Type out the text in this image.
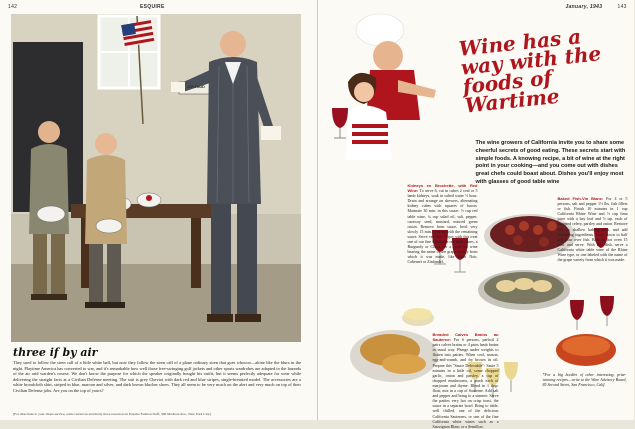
142	ESQUIRE
AIR RAID
three if by air
They used to follow the siren call of a little white ball, but now they follow the siren call of a plane ordinary siren that goes whoooo—alone like the blurs in the night. Playtime America has converted to war, and it's remarkable how well those free-swinging golf jackets and other sports wardrobes are adapted to the hazards of the air raid warden's course. We don't know the purpose for which the speaker originally bought his outfit, but it seems perfectly adequate for wear while delivering the straight facts at a Civilian Defense meeting. The suit is grey Cheviot with dark red and blue stripes, single-breasted model. The accessories are a white broadcloth shirt, striped in blue, maroon and silver, and dark brown blucher shoes. They all seem to be very much on the alert and very much on top of their Civilian Defense jobs. Are you on the top of yours?
(For directions to your shops-service, some resources and many more resources in Esquire Fashion Staff, 366 Madison Ave., New York City.)
January, 1943	143
Wine has a way with the foods of Wartime
The wine growers of California invite you to share some cheerful secrets of good eating. These secrets start with simple foods. A knowing recipe, a bit of wine at the right point in your cooking—and you come out with dishes great chefs could boast about. Dishes you'll enjoy most with glasses of good table wine
Kidneys en Brochette, with Red Wine: To serve 6, cut in cubes 2 veal or 5 lamb kidneys, soak in salted water ½ hour. Drain and arrange on skewers, alternating kidney cubes with squares of bacon. Marinate 30 min. in this sauce: ½ cup red table wine, ¼ cup salad oil, salt, pepper, caraway seed, mustard, minced green onion. Remove from sauce, broil very slowly 15 min., basting with the remaining sauce. Serve very hot. Enjoy with this treat one of our fine California red table wines, a Burgundy or Claret. Or a good red wine bearing the name of the grape variety from which it was made, like Pinot Noir, Cabernet or Zinfandel.
Baked Fish-Vin Blanc: For 4 or 5 persons, salt and pepper 1½ lbs. fish fillets or fish. Finish 10 minutes in 1 cup California Rhine Wine and ½ cup lima juice with a bay leaf and ½ tsp. each of chopped celery, parsley and onion. Remove fish to shallow baking dish, and add remaining ingredients. Cook down to half and pour over fish. Bake in hot oven 15 min. and serve. With this dish, serve a California white table wine of the Rhine Wine type, or one labeled with the name of the grape variety from which it was made.
Breaded Calves Brains au Sauterne: For 6 persons, parboil 2 pairs calves brains or 4 pairs lamb brains in usual way. Plunge under weights to flatten into patties. When cool, season, egg-and-crumb, and fry brown in oil. Prepare this "Sauce Delectable": Saute 5 minutes in a little oil, some chopped garlic, onion and parsley, a cup of chopped mushrooms, a pinch each of marjoram and thyme. Blend in 1 tbsp. flour, mix in a cup of Sauterne. Add salt and pepper and bring to a simmer. Serve the patties very hot on crisp toast, the sauce in a separate bowl. Bring to table, well chilled, one of the delicious California Sauternes, or one of the fine California white wines such as a Sauvignon Blanc or a Semillon.
*For a big booklet of other interesting, prize-winning recipes—write to the Wine Advisory Board, 85 Second Street, San Francisco, Calif.
